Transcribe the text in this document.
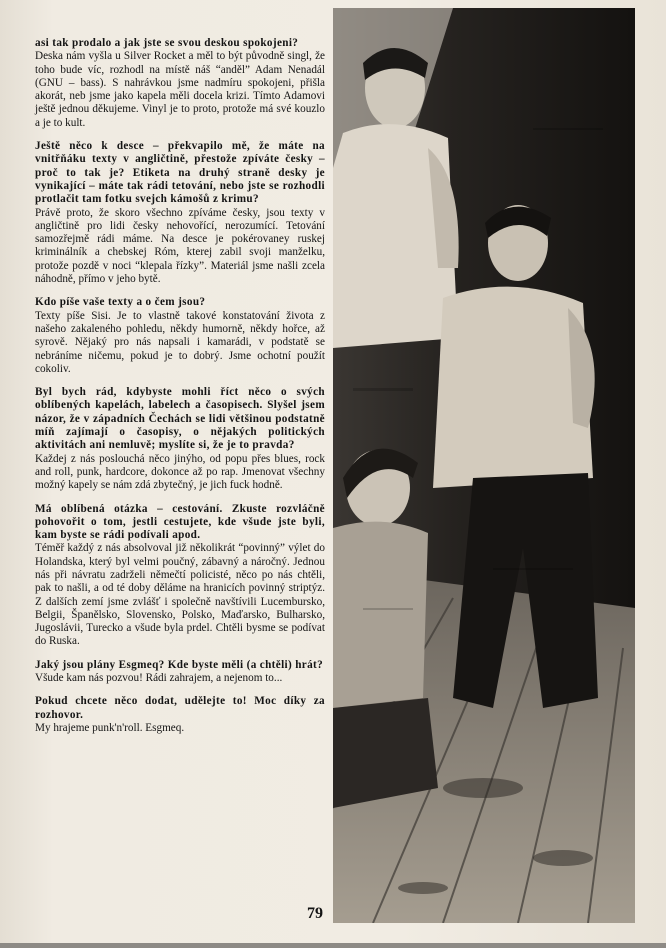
asi tak prodalo a jak jste se svou deskou spokojeni?

Deska nám vyšla u Silver Rocket a měl to být původně singl, že toho bude víc, rozhodl na místě náš “anděl” Adam Nenadál (GNU – bass). S nahrávkou jsme nadmíru spokojeni, přišla akorát, neb jsme jako kapela měli docela krizi. Tímto Adamovi ještě jednou děkujeme. Vinyl je to proto, protože má své kouzlo a je to kult.

Ještě něco k desce – překvapilo mě, že máte na vnitřňáku texty v angličtině, přestože zpíváte česky – proč to tak je? Etiketa na druhý straně desky je vynikající – máte tak rádi tetování, nebo jste se rozhodli protlačit tam fotku svejch kámošů z krimu?

Právě proto, že skoro všechno zpíváme česky, jsou texty v angličtině pro lidi česky nehovořící, nerozumící. Tetování samozřejmě rádi máme. Na desce je pokérovaney ruskej kriminálník a chebskej Róm, kterej zabil svoji manželku, protože pozdě v noci “klepala řízky”. Materiál jsme našli zcela náhodně, přímo v jeho bytě.

Kdo píše vaše texty a o čem jsou?

Texty píše Sisi. Je to vlastně takové konstatování života z našeho zakaleného pohledu, někdy humorně, někdy hořce, až syrově. Nějaký pro nás napsali i kamarádi, v podstatě se nebráníme ničemu, pokud je to dobrý. Jsme ochotní použít cokoliv.

Byl bych rád, kdybyste mohli říct něco o svých oblíbených kapelách, labelech a časopisech. Slyšel jsem názor, že v západních Čechách se lidi většinou podstatně míň zajímají o časopisy, o nějakých politických aktivitách ani nemluvě; myslíte si, že je to pravda?

Každej z nás poslouchá něco jinýho, od popu přes blues, rock and roll, punk, hardcore, dokonce až po rap. Jmenovat všechny možný kapely se nám zdá zbytečný, je jich fuck hodně.

Má oblíbená otázka – cestování. Zkuste rozvláčně pohovořit o tom, jestli cestujete, kde všude jste byli, kam byste se rádi podívali apod.

Téměř každý z nás absolvoval již několikrát “povinný” výlet do Holandska, který byl velmi poučný, zábavný a náročný. Jednou nás při návratu zadrželi němečtí policisté, něco po nás chtěli, pak to našli, a od té doby děláme na hranicích povinný striptýz. Z dalších zemí jsme zvlášť i společně navštívili Lucembursko, Belgii, Španělsko, Slovensko, Polsko, Maďarsko, Bulharsko, Jugoslávii, Turecko a všude byla prdel. Chtěli bysme se podívat do Ruska.

Jaký jsou plány Esgmeq? Kde byste měli (a chtěli) hrát?

Všude kam nás pozvou! Rádi zahrajem, a nejenom to...

Pokud chcete něco dodat, udělejte to! Moc díky za rozhovor.

My hrajeme punk'n'roll. Esgmeq.

79
